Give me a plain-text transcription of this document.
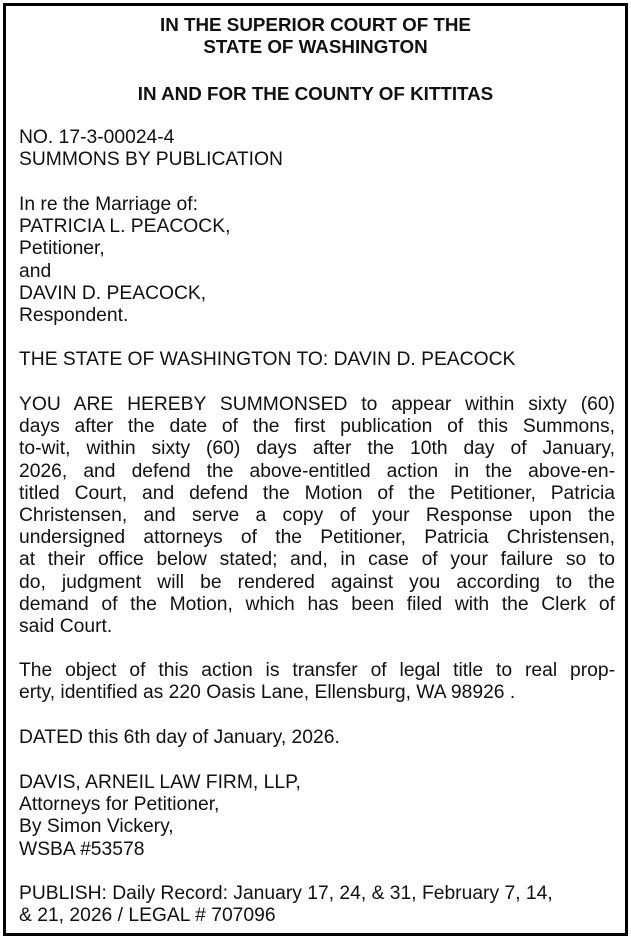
IN THE SUPERIOR COURT OF THE
STATE OF WASHINGTON
IN AND FOR THE COUNTY OF KITTITAS
NO. 17-3-00024-4
SUMMONS BY PUBLICATION
In re the Marriage of:
PATRICIA L. PEACOCK,
Petitioner,
and
DAVIN D. PEACOCK,
Respondent.
THE STATE OF WASHINGTON TO: DAVIN D. PEACOCK
YOU ARE HEREBY SUMMONSED to appear within sixty (60)
days after the date of the first publication of this Summons,
to-wit, within sixty (60) days after the 10th day of January,
2026, and defend the above-entitled action in the above-en-
titled Court, and defend the Motion of the Petitioner, Patricia
Christensen, and serve a copy of your Response upon the
undersigned attorneys of the Petitioner, Patricia Christensen,
at their office below stated; and, in case of your failure so to
do, judgment will be rendered against you according to the
demand of the Motion, which has been filed with the Clerk of
said Court.
The object of this action is transfer of legal title to real prop-
erty, identified as 220 Oasis Lane, Ellensburg, WA 98926 .
DATED this 6th day of January, 2026.
DAVIS, ARNEIL LAW FIRM, LLP,
Attorneys for Petitioner,
By Simon Vickery,
WSBA #53578
PUBLISH: Daily Record: January 17, 24, & 31, February 7, 14,
& 21, 2026 / LEGAL # 707096
